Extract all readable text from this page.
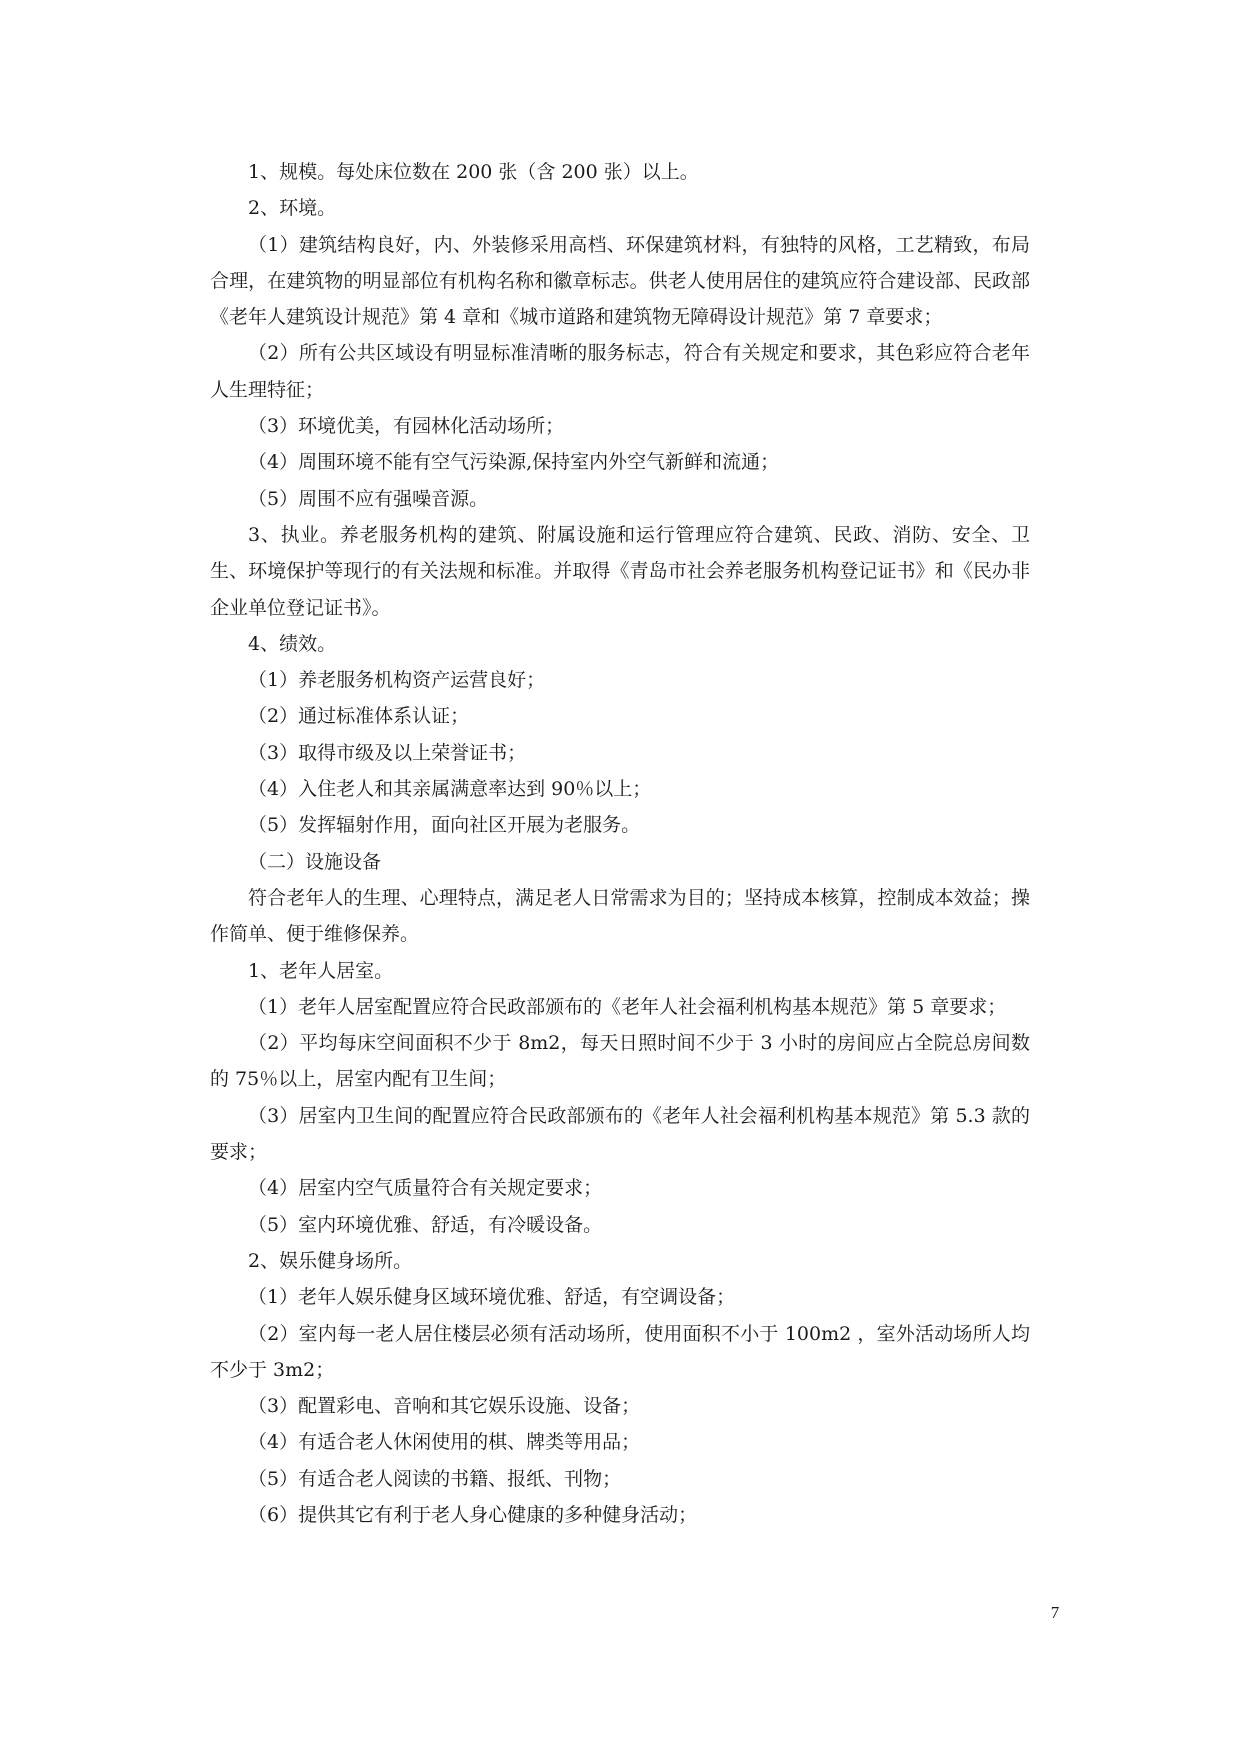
1、规模。每处床位数在 200 张（含 200 张）以上。

2、环境。

（1）建筑结构良好，内、外装修采用高档、环保建筑材料，有独特的风格，工艺精致，布局合理，在建筑物的明显部位有机构名称和徽章标志。供老人使用居住的建筑应符合建设部、民政部《老年人建筑设计规范》第 4 章和《城市道路和建筑物无障碍设计规范》第 7 章要求；

（2）所有公共区域设有明显标准清晰的服务标志，符合有关规定和要求，其色彩应符合老年人生理特征；

（3）环境优美，有园林化活动场所；

（4）周围环境不能有空气污染源,保持室内外空气新鲜和流通；

（5）周围不应有强噪音源。

3、执业。养老服务机构的建筑、附属设施和运行管理应符合建筑、民政、消防、安全、卫生、环境保护等现行的有关法规和标准。并取得《青岛市社会养老服务机构登记证书》和《民办非企业单位登记证书》。

4、绩效。

（1）养老服务机构资产运营良好；

（2）通过标准体系认证；

（3）取得市级及以上荣誉证书；

（4）入住老人和其亲属满意率达到 90％以上；

（5）发挥辐射作用，面向社区开展为老服务。

（二）设施设备

符合老年人的生理、心理特点，满足老人日常需求为目的；坚持成本核算，控制成本效益；操作简单、便于维修保养。

1、老年人居室。

（1）老年人居室配置应符合民政部颁布的《老年人社会福利机构基本规范》第 5 章要求；

（2）平均每床空间面积不少于 8m2，每天日照时间不少于 3 小时的房间应占全院总房间数的 75％以上，居室内配有卫生间；

（3）居室内卫生间的配置应符合民政部颁布的《老年人社会福利机构基本规范》第 5.3 款的要求；

（4）居室内空气质量符合有关规定要求；

（5）室内环境优雅、舒适，有冷暖设备。

2、娱乐健身场所。

（1）老年人娱乐健身区域环境优雅、舒适，有空调设备；

（2）室内每一老人居住楼层必须有活动场所，使用面积不小于 100m2 ，室外活动场所人均不少于 3m2；

（3）配置彩电、音响和其它娱乐设施、设备；

（4）有适合老人休闲使用的棋、牌类等用品；

（5）有适合老人阅读的书籍、报纸、刊物；

（6）提供其它有利于老人身心健康的多种健身活动；

7
